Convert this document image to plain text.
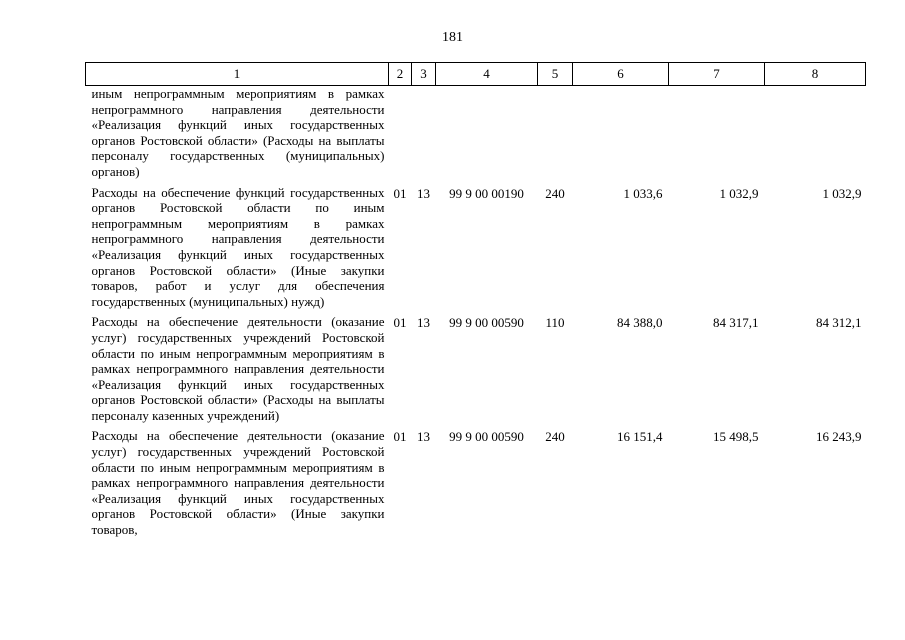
181
1	2	3	4	5	6	7	8
иным непрограммным мероприятиям в рамках непрограммного направления деятельности «Реализация функций иных государственных органов Ростовской области» (Расходы на выплаты персоналу государственных (муниципальных) органов)							
Расходы на обеспечение функций государственных органов Ростовской области по иным непрограммным мероприятиям в рамках непрограммного направления деятельности «Реализация функций иных государственных органов Ростовской области» (Иные закупки товаров, работ и услуг для обеспечения государственных (муниципальных) нужд)	01	13	99 9 00 00190	240	1 033,6	1 032,9	1 032,9
Расходы на обеспечение деятельности (оказание услуг) государственных учреждений Ростовской области по иным непрограммным мероприятиям в рамках непрограммного направления деятельности «Реализация функций иных государственных органов Ростовской области» (Расходы на выплаты персоналу казенных учреждений)	01	13	99 9 00 00590	110	84 388,0	84 317,1	84 312,1
Расходы на обеспечение деятельности (оказание услуг) государственных учреждений Ростовской области по иным непрограммным мероприятиям в рамках непрограммного направления деятельности «Реализация функций иных государственных органов Ростовской области» (Иные закупки товаров,	01	13	99 9 00 00590	240	16 151,4	15 498,5	16 243,9
